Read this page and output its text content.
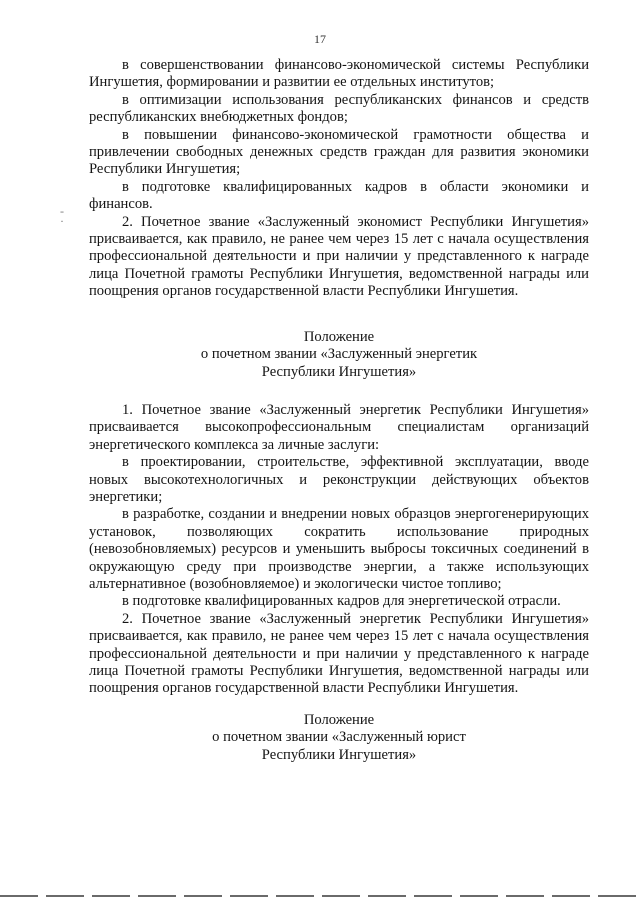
17
-
·

в совершенствовании финансово-экономической системы Республики Ингушетия, формировании и развитии ее отдельных институтов;

в оптимизации использования республиканских финансов и средств республиканских внебюджетных фондов;

в повышении финансово-экономической грамотности общества и привлечении свободных денежных средств граждан для развития экономики Республики Ингушетия;

в подготовке квалифицированных кадров в области экономики и финансов.

2. Почетное звание «Заслуженный экономист Республики Ингушетия» присваивается, как правило, не ранее чем через 15 лет с начала осуществления профессиональной деятельности и при наличии у представленного к награде лица Почетной грамоты Республики Ингушетия, ведомственной награды или поощрения органов государственной власти Республики Ингушетия.

Положение

о почетном звании «Заслуженный энергетик

Республики Ингушетия»

1. Почетное звание «Заслуженный энергетик Республики Ингушетия» присваивается высокопрофессиональным специалистам организаций энергетического комплекса за личные заслуги:

в проектировании, строительстве, эффективной эксплуатации, вводе новых высокотехнологичных и реконструкции действующих объектов энергетики;

в разработке, создании и внедрении новых образцов энергогенерирующих установок, позволяющих сократить использование природных (невозобновляемых) ресурсов и уменьшить выбросы токсичных соединений в окружающую среду при производстве энергии, а также использующих альтернативное (возобновляемое) и экологически чистое топливо;

в подготовке квалифицированных кадров для энергетической отрасли.

2. Почетное звание «Заслуженный энергетик Республики Ингушетия» присваивается, как правило, не ранее чем через 15 лет с начала осуществления профессиональной деятельности и при наличии у представленного к награде лица Почетной грамоты Республики Ингушетия, ведомственной награды или поощрения органов государственной власти Республики Ингушетия.

Положение

о почетном звании «Заслуженный юрист

Республики Ингушетия»
